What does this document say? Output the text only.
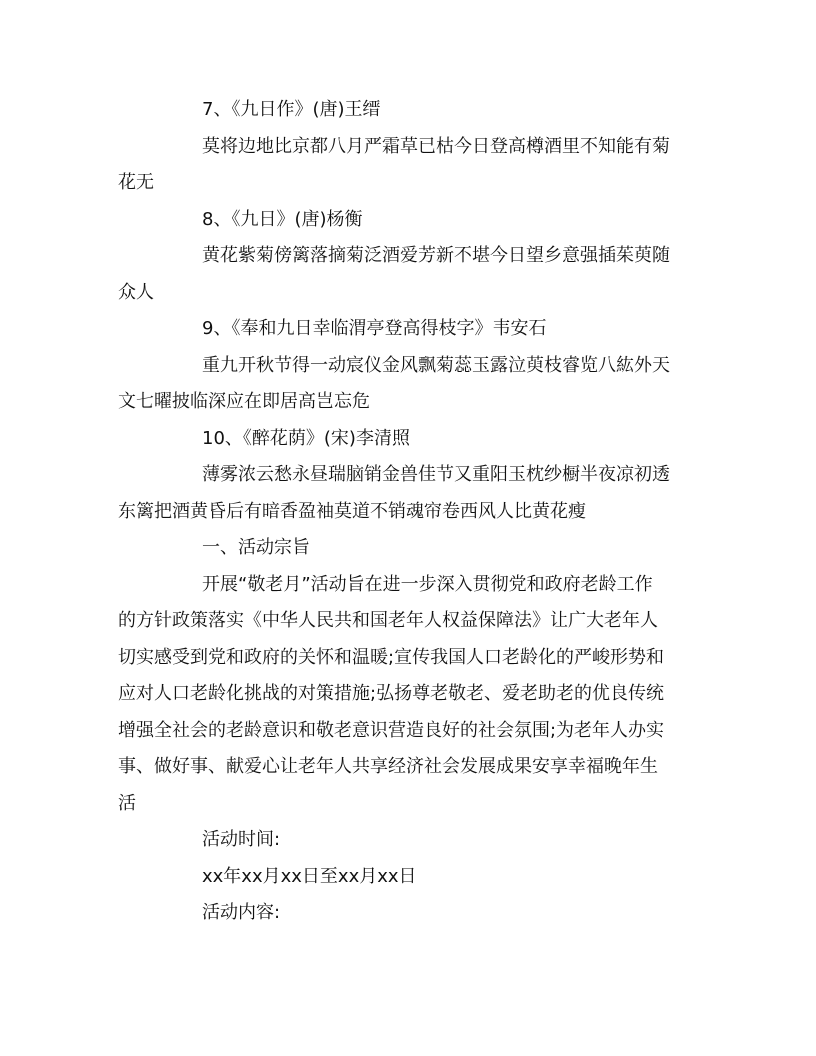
7、《九日作》(唐)王缙

莫将边地比京都八月严霜草已枯今日登高樽酒里不知能有菊

花无

8、《九日》(唐)杨衡

黄花紫菊傍篱落摘菊泛酒爱芳新不堪今日望乡意强插茱萸随

众人

9、《奉和九日幸临渭亭登高得枝字》韦安石

重九开秋节得一动宸仪金风飘菊蕊玉露泣萸枝睿览八紘外天

文七曜披临深应在即居高岂忘危

10、《醉花荫》(宋)李清照

薄雾浓云愁永昼瑞脑销金兽佳节又重阳玉枕纱橱半夜凉初透

东篱把酒黄昏后有暗香盈袖莫道不销魂帘卷西风人比黄花瘦

一、活动宗旨

开展“敬老月”活动旨在进一步深入贯彻党和政府老龄工作

的方针政策落实《中华人民共和国老年人权益保障法》让广大老年人

切实感受到党和政府的关怀和温暖;宣传我国人口老龄化的严峻形势和

应对人口老龄化挑战的对策措施;弘扬尊老敬老、爱老助老的优良传统

增强全社会的老龄意识和敬老意识营造良好的社会氛围;为老年人办实

事、做好事、献爱心让老年人共享经济社会发展成果安享幸福晚年生

活

活动时间:

xx年xx月xx日至xx月xx日

活动内容:
